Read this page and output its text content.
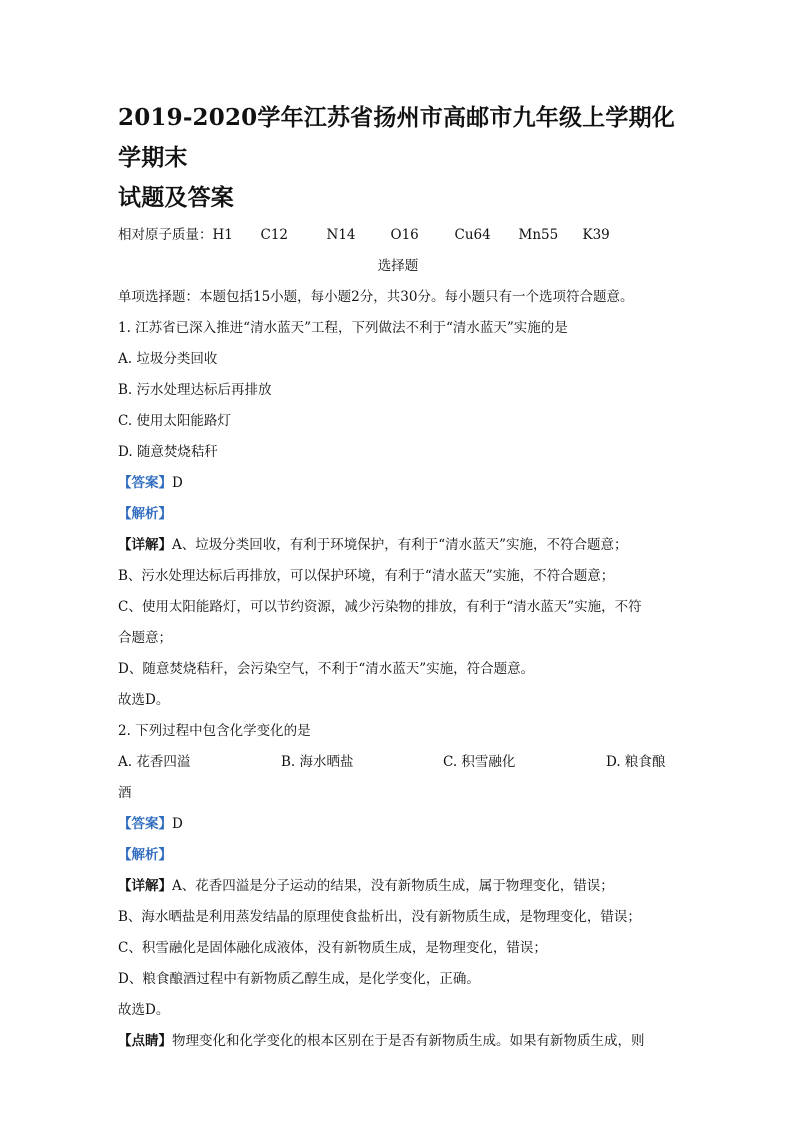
2019-2020学年江苏省扬州市高邮市九年级上学期化学期末
试题及答案
相对原子质量： H1	C12	N14	O16	Cu64	Mn55	K39
选择题
单项选择题：本题包括15小题，每小题2分，共30分。每小题只有一个选项符合题意。
1. 江苏省已深入推进“清水蓝天”工程，下列做法不利于“清水蓝天”实施的是
A. 垃圾分类回收
B. 污水处理达标后再排放
C. 使用太阳能路灯
D. 随意焚烧秸秆
【答案】D
【解析】
【详解】A、垃圾分类回收，有利于环境保护，有利于“清水蓝天”实施，不符合题意；
B、污水处理达标后再排放，可以保护环境，有利于“清水蓝天”实施，不符合题意；
C、使用太阳能路灯，可以节约资源，减少污染物的排放，有利于“清水蓝天”实施，不符
合题意；
D、随意焚烧秸秆，会污染空气，不利于“清水蓝天”实施，符合题意。
故选D。
2. 下列过程中包含化学变化的是
A. 花香四溢	B. 海水晒盐	C. 积雪融化	D. 粮食酿
酒
【答案】D
【解析】
【详解】A、花香四溢是分子运动的结果，没有新物质生成，属于物理变化，错误；
B、海水晒盐是利用蒸发结晶的原理使食盐析出，没有新物质生成，是物理变化，错误；
C、积雪融化是固体融化成液体，没有新物质生成，是物理变化，错误；
D、粮食酿酒过程中有新物质乙醇生成，是化学变化，正确。
故选D。
【点睛】物理变化和化学变化的根本区别在于是否有新物质生成。如果有新物质生成，则
